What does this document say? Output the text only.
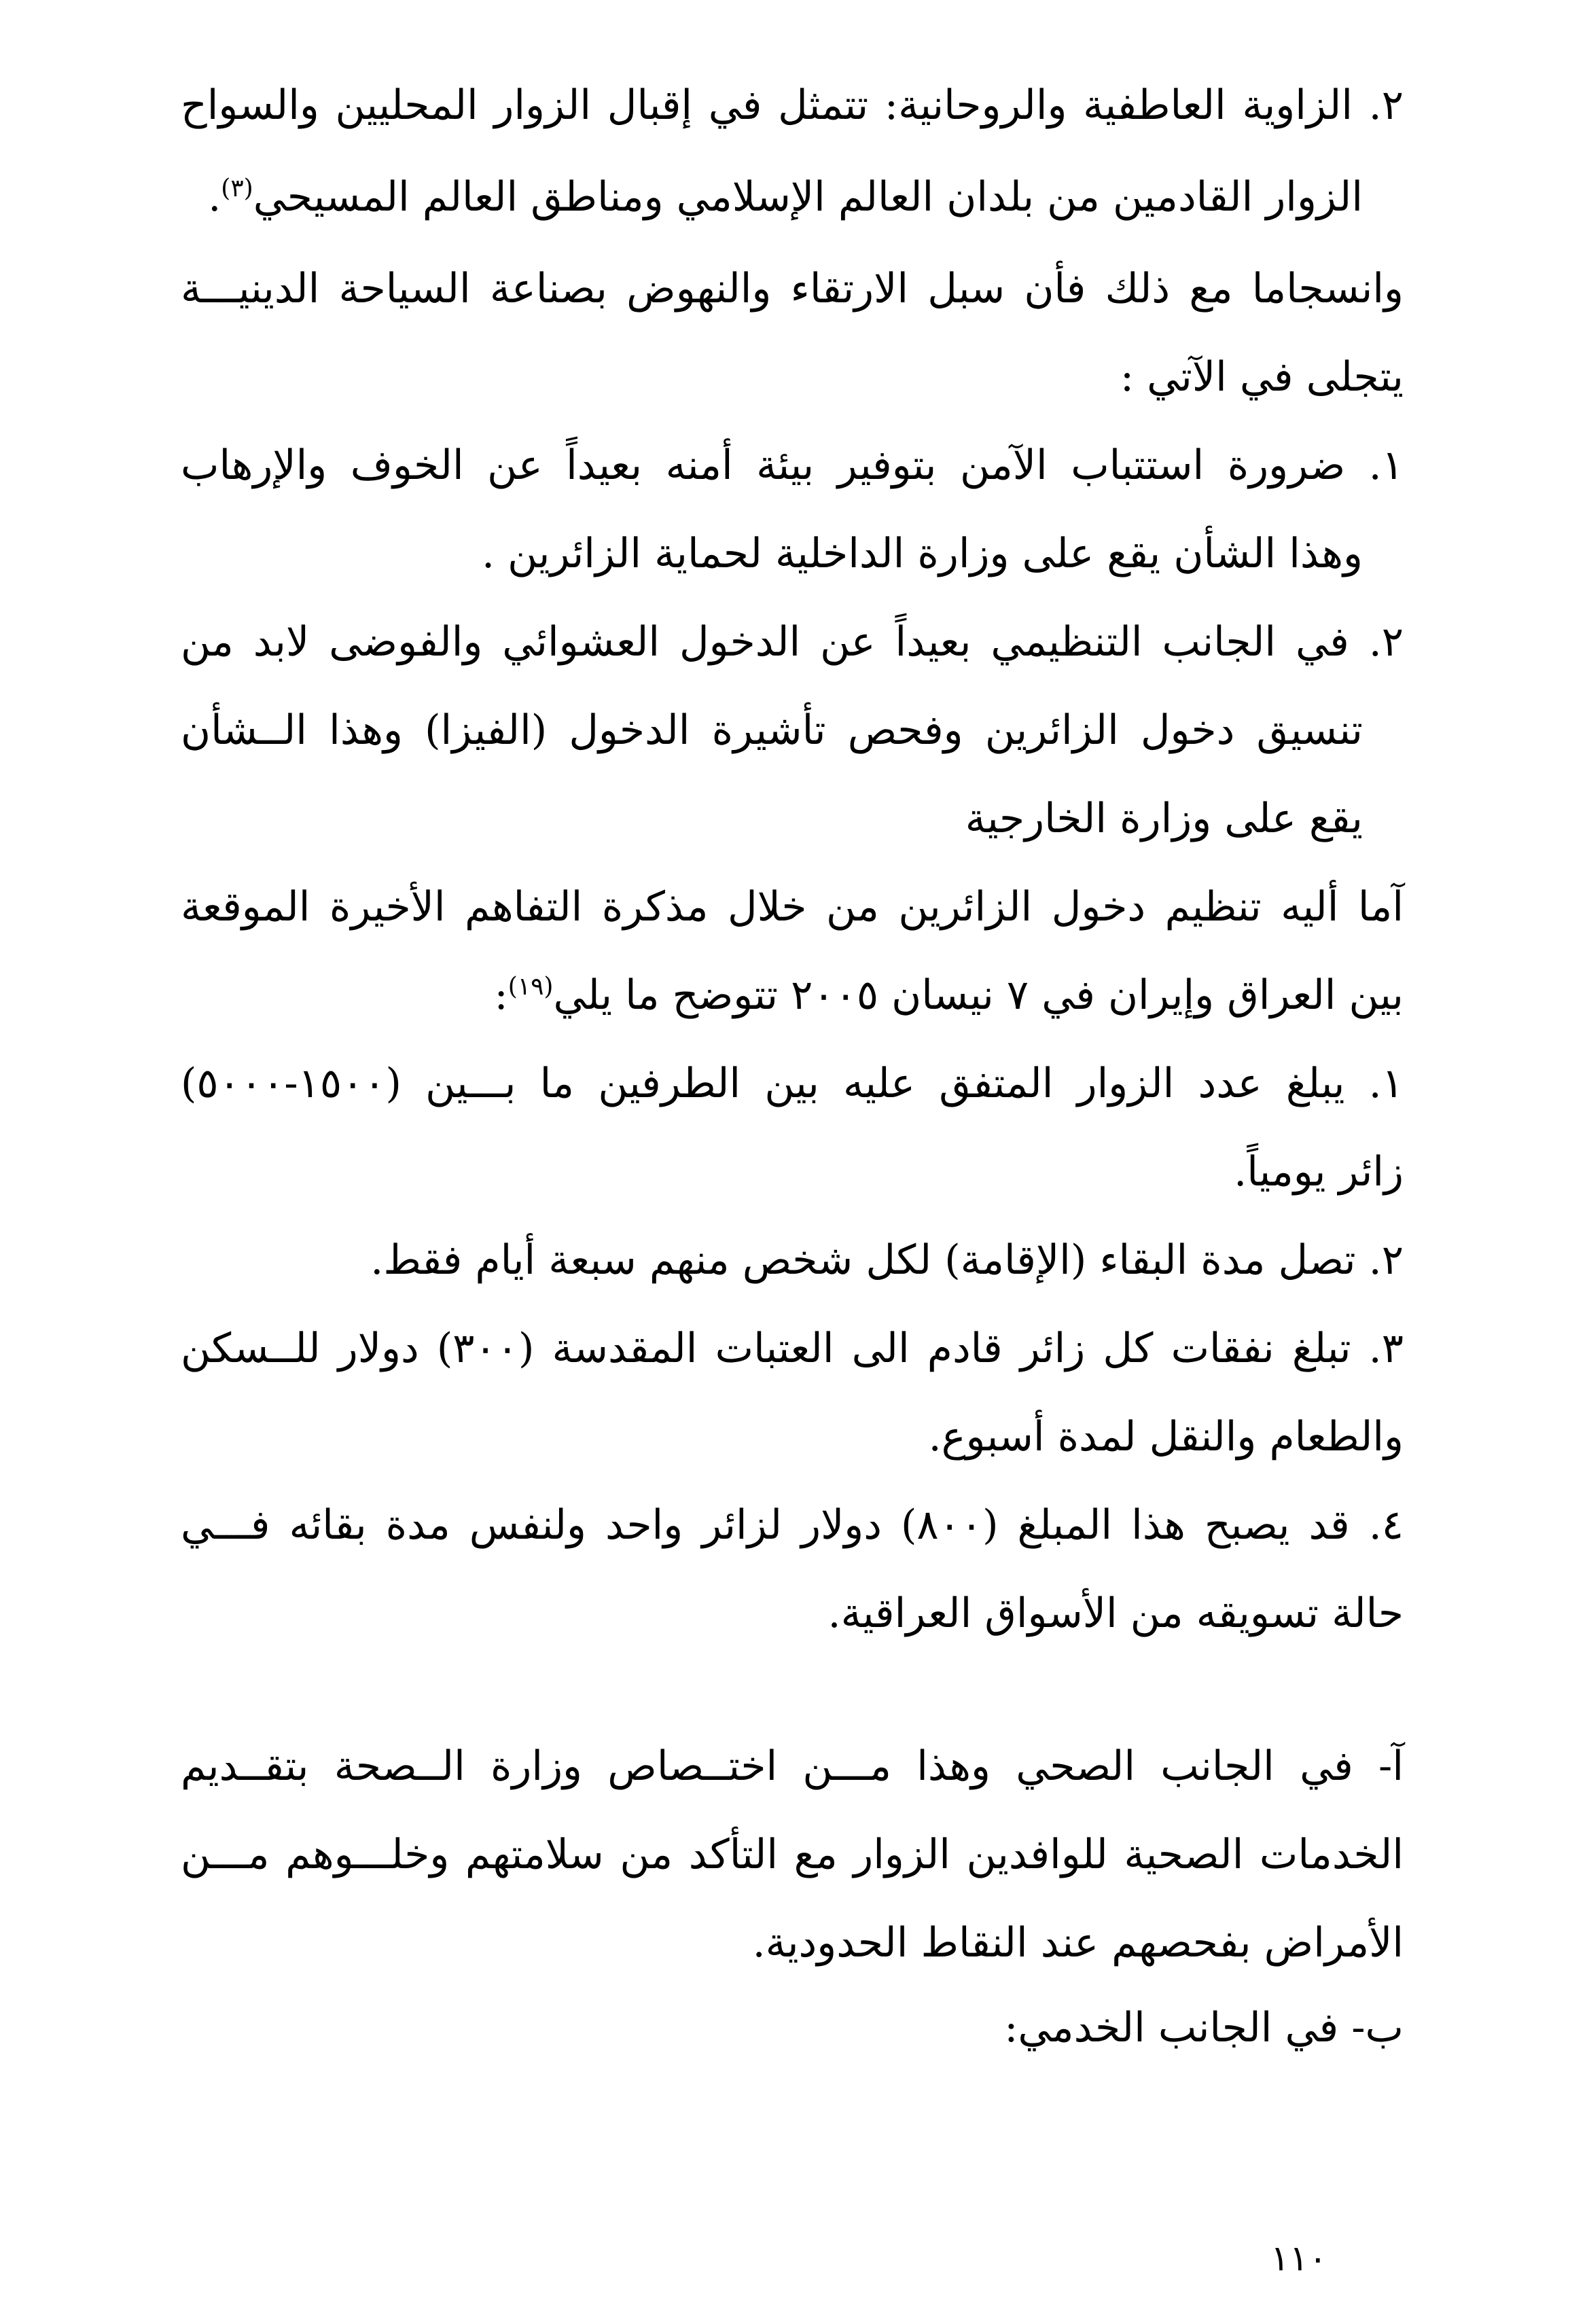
٢. الزاوية العاطفية والروحانية: تتمثل في إقبال الزوار المحليين والسواح
الزوار القادمين من بلدان العالم الإسلامي ومناطق العالم المسيحي$^{(٣)}$.
وانسجاما مع ذلك فأن سبل الارتقاء والنهوض بصناعة السياحة الدينيـــة
يتجلى في الآتي :
١. ضرورة استتباب الآمن بتوفير بيئة أمنه بعيداً عن الخوف والإرهاب
وهذا الشأن يقع على وزارة الداخلية لحماية الزائرين .
٢. في الجانب التنظيمي بعيداً عن الدخول العشوائي والفوضى لابد من
تنسيق دخول الزائرين وفحص تأشيرة الدخول (الفيزا) وهذا الــشأن
يقع على وزارة الخارجية
آما أليه تنظيم دخول الزائرين من خلال مذكرة التفاهم الأخيرة الموقعة
بين العراق وإيران في ٧ نيسان ٢٠٠٥ تتوضح ما يلي$^{(١٩)}$:
١. يبلغ عدد الزوار المتفق عليه بين الطرفين ما بـــين (١٥٠٠-٥٠٠٠)
زائر يومياً.
٢. تصل مدة البقاء (الإقامة) لكل شخص منهم سبعة أيام فقط.
٣. تبلغ نفقات كل زائر قادم الى العتبات المقدسة (٣٠٠) دولار للــسكن
والطعام والنقل لمدة أسبوع.
٤. قد يصبح هذا المبلغ (٨٠٠) دولار لزائر واحد ولنفس مدة بقائه فـــي
حالة تسويقه من الأسواق العراقية.
آ- في الجانب الصحي وهذا مـــن اختــصاص وزارة الــصحة بتقــديم
الخدمات الصحية للوافدين الزوار مع التأكد من سلامتهم وخلـــوهم مـــن
الأمراض بفحصهم عند النقاط الحدودية.
ب- في الجانب الخدمي:
١١٠
